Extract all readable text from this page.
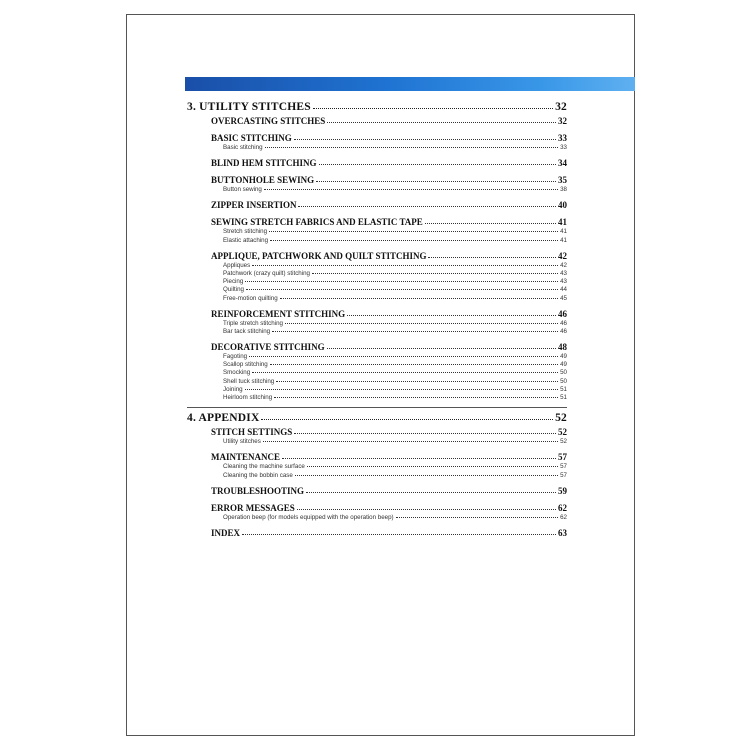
3. UTILITY STITCHES	32
OVERCASTING STITCHES	32
BASIC STITCHING	33
Basic stitching	33
BLIND HEM STITCHING	34
BUTTONHOLE SEWING	35
Button sewing	38
ZIPPER INSERTION	40
SEWING STRETCH FABRICS AND ELASTIC TAPE	41
Stretch stitching	41
Elastic attaching	41
APPLIQUE, PATCHWORK AND QUILT STITCHING	42
Appliques	42
Patchwork (crazy quilt) stitching	43
Piecing	43
Quilting	44
Free-motion quilting	45
REINFORCEMENT STITCHING	46
Triple stretch stitching	46
Bar tack stitching	46
DECORATIVE STITCHING	48
Fagoting	49
Scallop stitching	49
Smocking	50
Shell tuck stitching	50
Joining	51
Heirloom stitching	51
4. APPENDIX	52
STITCH SETTINGS	52
Utility stitches	52
MAINTENANCE	57
Cleaning the machine surface	57
Cleaning the bobbin case	57
TROUBLESHOOTING	59
ERROR MESSAGES	62
Operation beep (for models equipped with the operation beep)	62
INDEX	63
